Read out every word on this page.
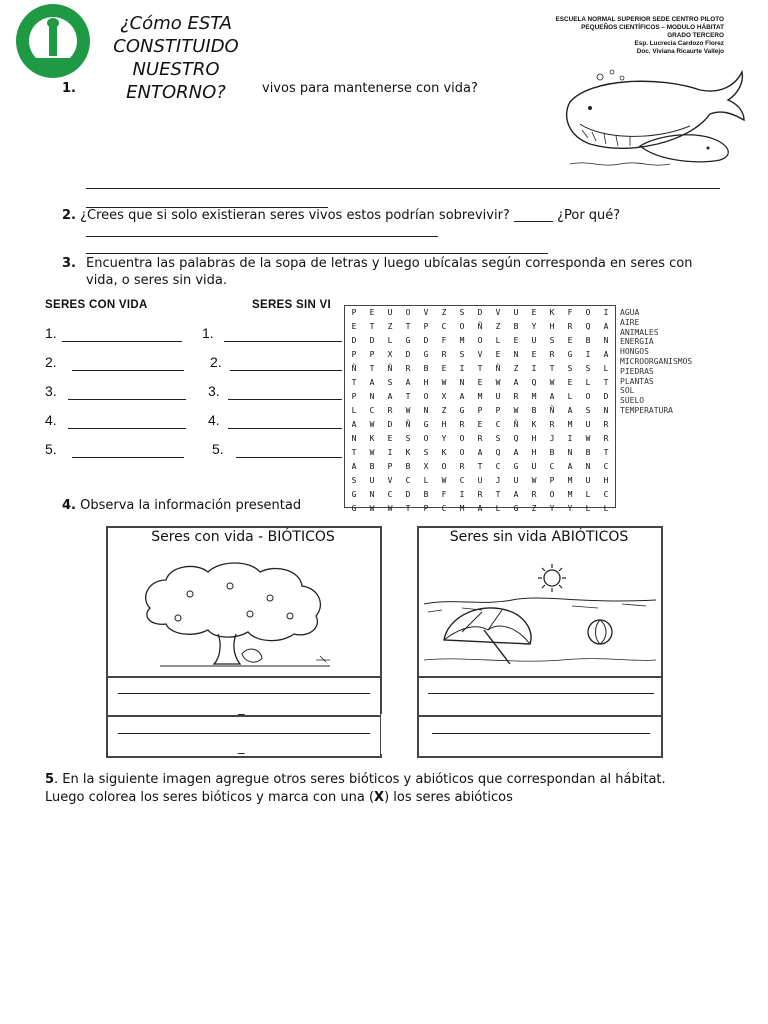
¿Cómo ESTA CONSTITUIDO NUESTRO ENTORNO?
ESCUELA NORMAL SUPERIOR SEDE CENTRO PILOTO
PEQUEÑOS CIENTÍFICOS – MODULO HÁBITAT
GRADO TERCERO
Esp. Lucrecia Cardozo Florez
Doc. Viviana Ricaurte Vallejo
1.	vivos para mantenerse con vida?
2. ¿Crees que si solo existieran seres vivos estos podrían sobrevivir? ______ ¿Por qué?
3. Encuentra las palabras de la sopa de letras y luego ubícalas según corresponda en seres con vida, o seres sin vida.
SERES CON VIDA	SERES SIN VI
1.	1.
2.	2.
3.	3.
4.	4.
5.	5.
P	E	U	O	V	Z	S	D	V	U	E	K	F	O	I
E	T	Z	T	P	C	O	Ñ	Z	B	Y	H	R	Q	A
D	D	L	G	D	F	M	O	L	E	U	S	E	B	N
P	P	X	D	G	R	S	V	E	N	E	R	G	I	A
Ñ	T	Ñ	R	B	E	I	T	Ñ	Z	I	T	S	S	L
T	A	S	A	H	W	N	E	W	A	Q	W	E	L	T
P	N	A	T	O	X	A	M	U	R	M	A	L	O	D
L	C	R	W	N	Z	G	P	P	W	B	Ñ	A	S	N
A	W	D	Ñ	G	H	R	E	C	Ñ	K	R	M	U	R
N	K	E	S	O	Y	O	R	S	Q	H	J	I	W	R
T	W	I	K	S	K	O	A	Q	A	H	B	N	B	T
A	B	P	B	X	O	R	T	C	G	U	C	A	N	C
S	U	V	C	L	W	C	U	J	U	W	P	M	U	H
G	N	C	D	B	F	I	R	T	A	R	O	M	L	C
G	W	W	T	P	C	M	A	L	G	Z	Y	Y	L	L
AGUA
AIRE
ANIMALES
ENERGIA
HONGOS
MICROORGANISMOS
PIEDRAS
PLANTAS
SOL
SUELO
TEMPERATURA
4. Observa la información presentad
Seres con vida - BIÓTICOS
_
_
Seres sin vida ABIÓTICOS
5. En la siguiente imagen agregue otros seres bióticos y abióticos que correspondan al hábitat.
Luego colorea los seres bióticos y marca con una (X) los seres abióticos
